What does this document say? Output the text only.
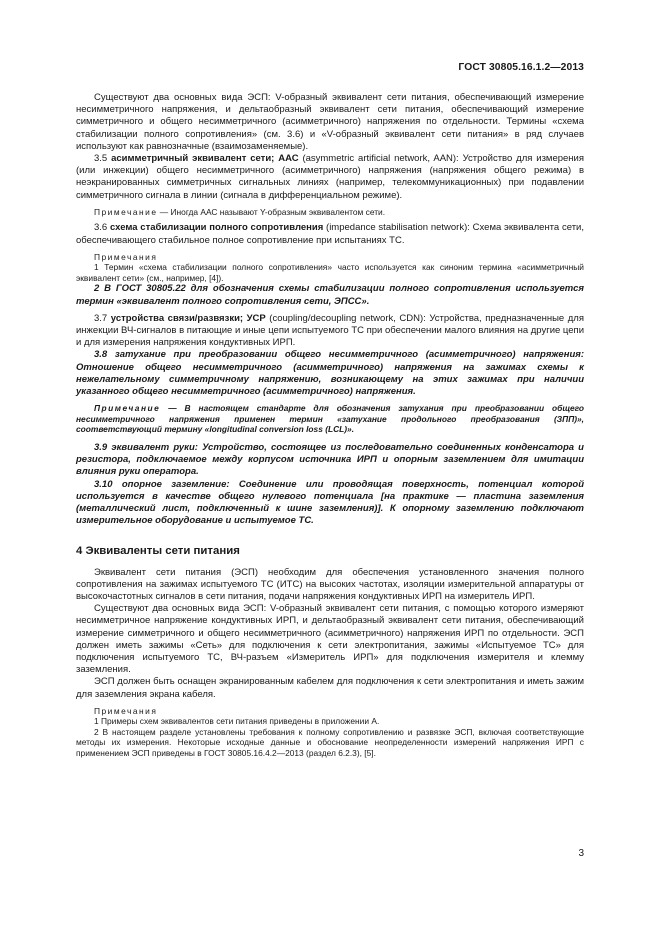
ГОСТ 30805.16.1.2—2013

Существуют два основных вида ЭСП: V-образный эквивалент сети питания, обеспечивающий измерение несимметричного напряжения, и дельтаобразный эквивалент сети питания, обеспечивающий измерение симметричного и общего несимметричного (асимметричного) напряжения по отдельности. Термины «схема стабилизации полного сопротивления» (см. 3.6) и «V-образный эквивалент сети питания» в ряд случаев используют как равнозначные (взаимозаменяемые).

3.5 асимметричный эквивалент сети; ААС (asymmetric artificial network, AAN): Устройство для измерения (или инжекции) общего несимметричного (асимметричного) напряжения (напряжения общего режима) в неэкранированных симметричных сигнальных линиях (например, телекоммуникационных) при подавлении симметричного сигнала в линии (сигнала в дифференциальном режиме).

Примечание — Иногда ААС называют Y-образным эквивалентом сети.

3.6 схема стабилизации полного сопротивления (impedance stabilisation network): Схема эквивалента сети, обеспечивающего стабильное полное сопротивление при испытаниях ТС.

Примечания

1 Термин «схема стабилизации полного сопротивления» часто используется как синоним термина «асимметричный эквивалент сети» (см., например, [4]).

2 В ГОСТ 30805.22 для обозначения схемы стабилизации полного сопротивления используется термин «эквивалент полного сопротивления сети, ЭПСС».

3.7 устройства связи/развязки; УСР (coupling/decoupling network, CDN): Устройства, предназначенные для инжекции ВЧ-сигналов в питающие и иные цепи испытуемого ТС при обеспечении малого влияния на другие цепи и для измерения напряжения кондуктивных ИРП.

3.8 затухание при преобразовании общего несимметричного (асимметричного) напряжения: Отношение общего несимметричного (асимметричного) напряжения на зажимах схемы к нежелательному симметричному напряжению, возникающему на этих зажимах при наличии указанного общего несимметричного (асимметричного) напряжения.

Примечание — В настоящем стандарте для обозначения затухания при преобразовании общего несимметричного напряжения применен термин «затухание продольного преобразования (ЗПП)», соответствующий термину «longitudinal conversion loss (LCL)».

3.9 эквивалент руки: Устройство, состоящее из последовательно соединенных конденсатора и резистора, подключаемое между корпусом источника ИРП и опорным заземлением для имитации влияния руки оператора.

3.10 опорное заземление: Соединение или проводящая поверхность, потенциал которой используется в качестве общего нулевого потенциала [на практике — пластина заземления (металлический лист, подключенный к шине заземления)]. К опорному заземлению подключают измерительное оборудование и испытуемое ТС.

4 Эквиваленты сети питания

Эквивалент сети питания (ЭСП) необходим для обеспечения установленного значения полного сопротивления на зажимах испытуемого ТС (ИТС) на высоких частотах, изоляции измерительной аппаратуры от высокочастотных сигналов в сети питания, подачи напряжения кондуктивных ИРП на измеритель ИРП.

Существуют два основных вида ЭСП: V-образный эквивалент сети питания, с помощью которого измеряют несимметричное напряжение кондуктивных ИРП, и дельтаобразный эквивалент сети питания, обеспечивающий измерение симметричного и общего несимметричного (асимметричного) напряжения ИРП по отдельности. ЭСП должен иметь зажимы «Сеть» для подключения к сети электропитания, зажимы «Испытуемое ТС» для подключения испытуемого ТС, ВЧ-разъем «Измеритель ИРП» для подключения измерителя и клемму заземления.

ЭСП должен быть оснащен экранированным кабелем для подключения к сети электропитания и иметь зажим для заземления экрана кабеля.

Примечания

1 Примеры схем эквивалентов сети питания приведены в приложении А.

2 В настоящем разделе установлены требования к полному сопротивлению и развязке ЭСП, включая соответствующие методы их измерения. Некоторые исходные данные и обоснование неопределенности измерений напряжения ИРП с применением ЭСП приведены в ГОСТ 30805.16.4.2—2013 (раздел 6.2.3), [5].

3
